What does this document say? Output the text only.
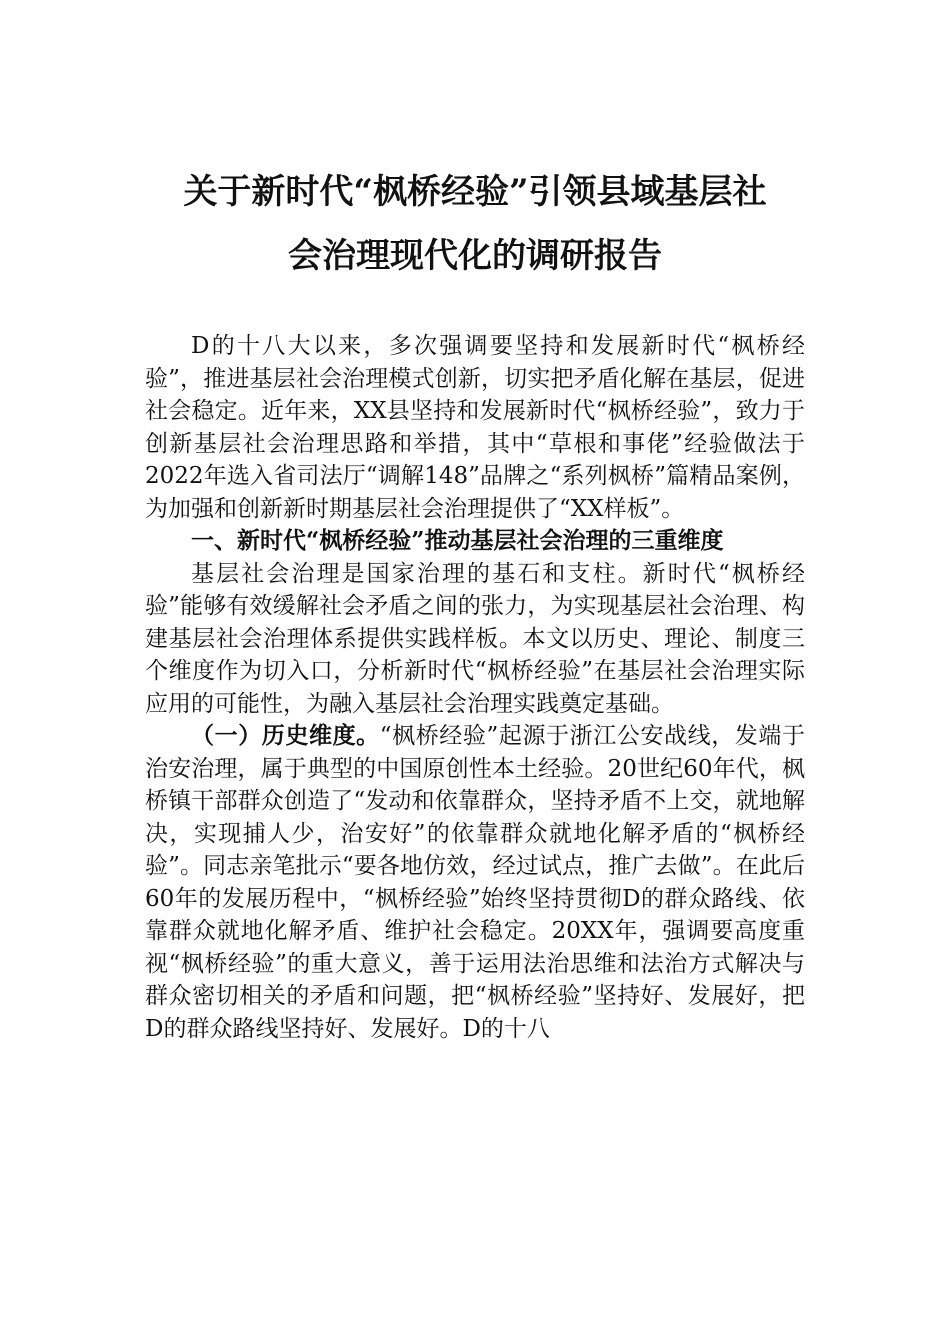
关于新时代“枫桥经验”引领县域基层社
会治理现代化的调研报告

D的十八大以来，多次强调要坚持和发展新时代“枫桥经验”，推进基层社会治理模式创新，切实把矛盾化解在基层，促进社会稳定。近年来，XX县坚持和发展新时代“枫桥经验”，致力于创新基层社会治理思路和举措，其中“草根和事佬”经验做法于2022年选入省司法厅“调解148”品牌之“系列枫桥”篇精品案例，为加强和创新新时期基层社会治理提供了“XX样板”。

一、新时代“枫桥经验”推动基层社会治理的三重维度

基层社会治理是国家治理的基石和支柱。新时代“枫桥经验”能够有效缓解社会矛盾之间的张力，为实现基层社会治理、构建基层社会治理体系提供实践样板。本文以历史、理论、制度三个维度作为切入口，分析新时代“枫桥经验”在基层社会治理实际应用的可能性，为融入基层社会治理实践奠定基础。

（一）历史维度。“枫桥经验”起源于浙江公安战线，发端于治安治理，属于典型的中国原创性本土经验。20世纪60年代，枫桥镇干部群众创造了“发动和依靠群众，坚持矛盾不上交，就地解决，实现捕人少，治安好”的依靠群众就地化解矛盾的“枫桥经验”。同志亲笔批示“要各地仿效，经过试点，推广去做”。在此后60年的发展历程中，“枫桥经验”始终坚持贯彻D的群众路线、依靠群众就地化解矛盾、维护社会稳定。20XX年，强调要高度重视“枫桥经验”的重大意义，善于运用法治思维和法治方式解决与群众密切相关的矛盾和问题，把“枫桥经验”坚持好、发展好，把D的群众路线坚持好、发展好。D的十八
